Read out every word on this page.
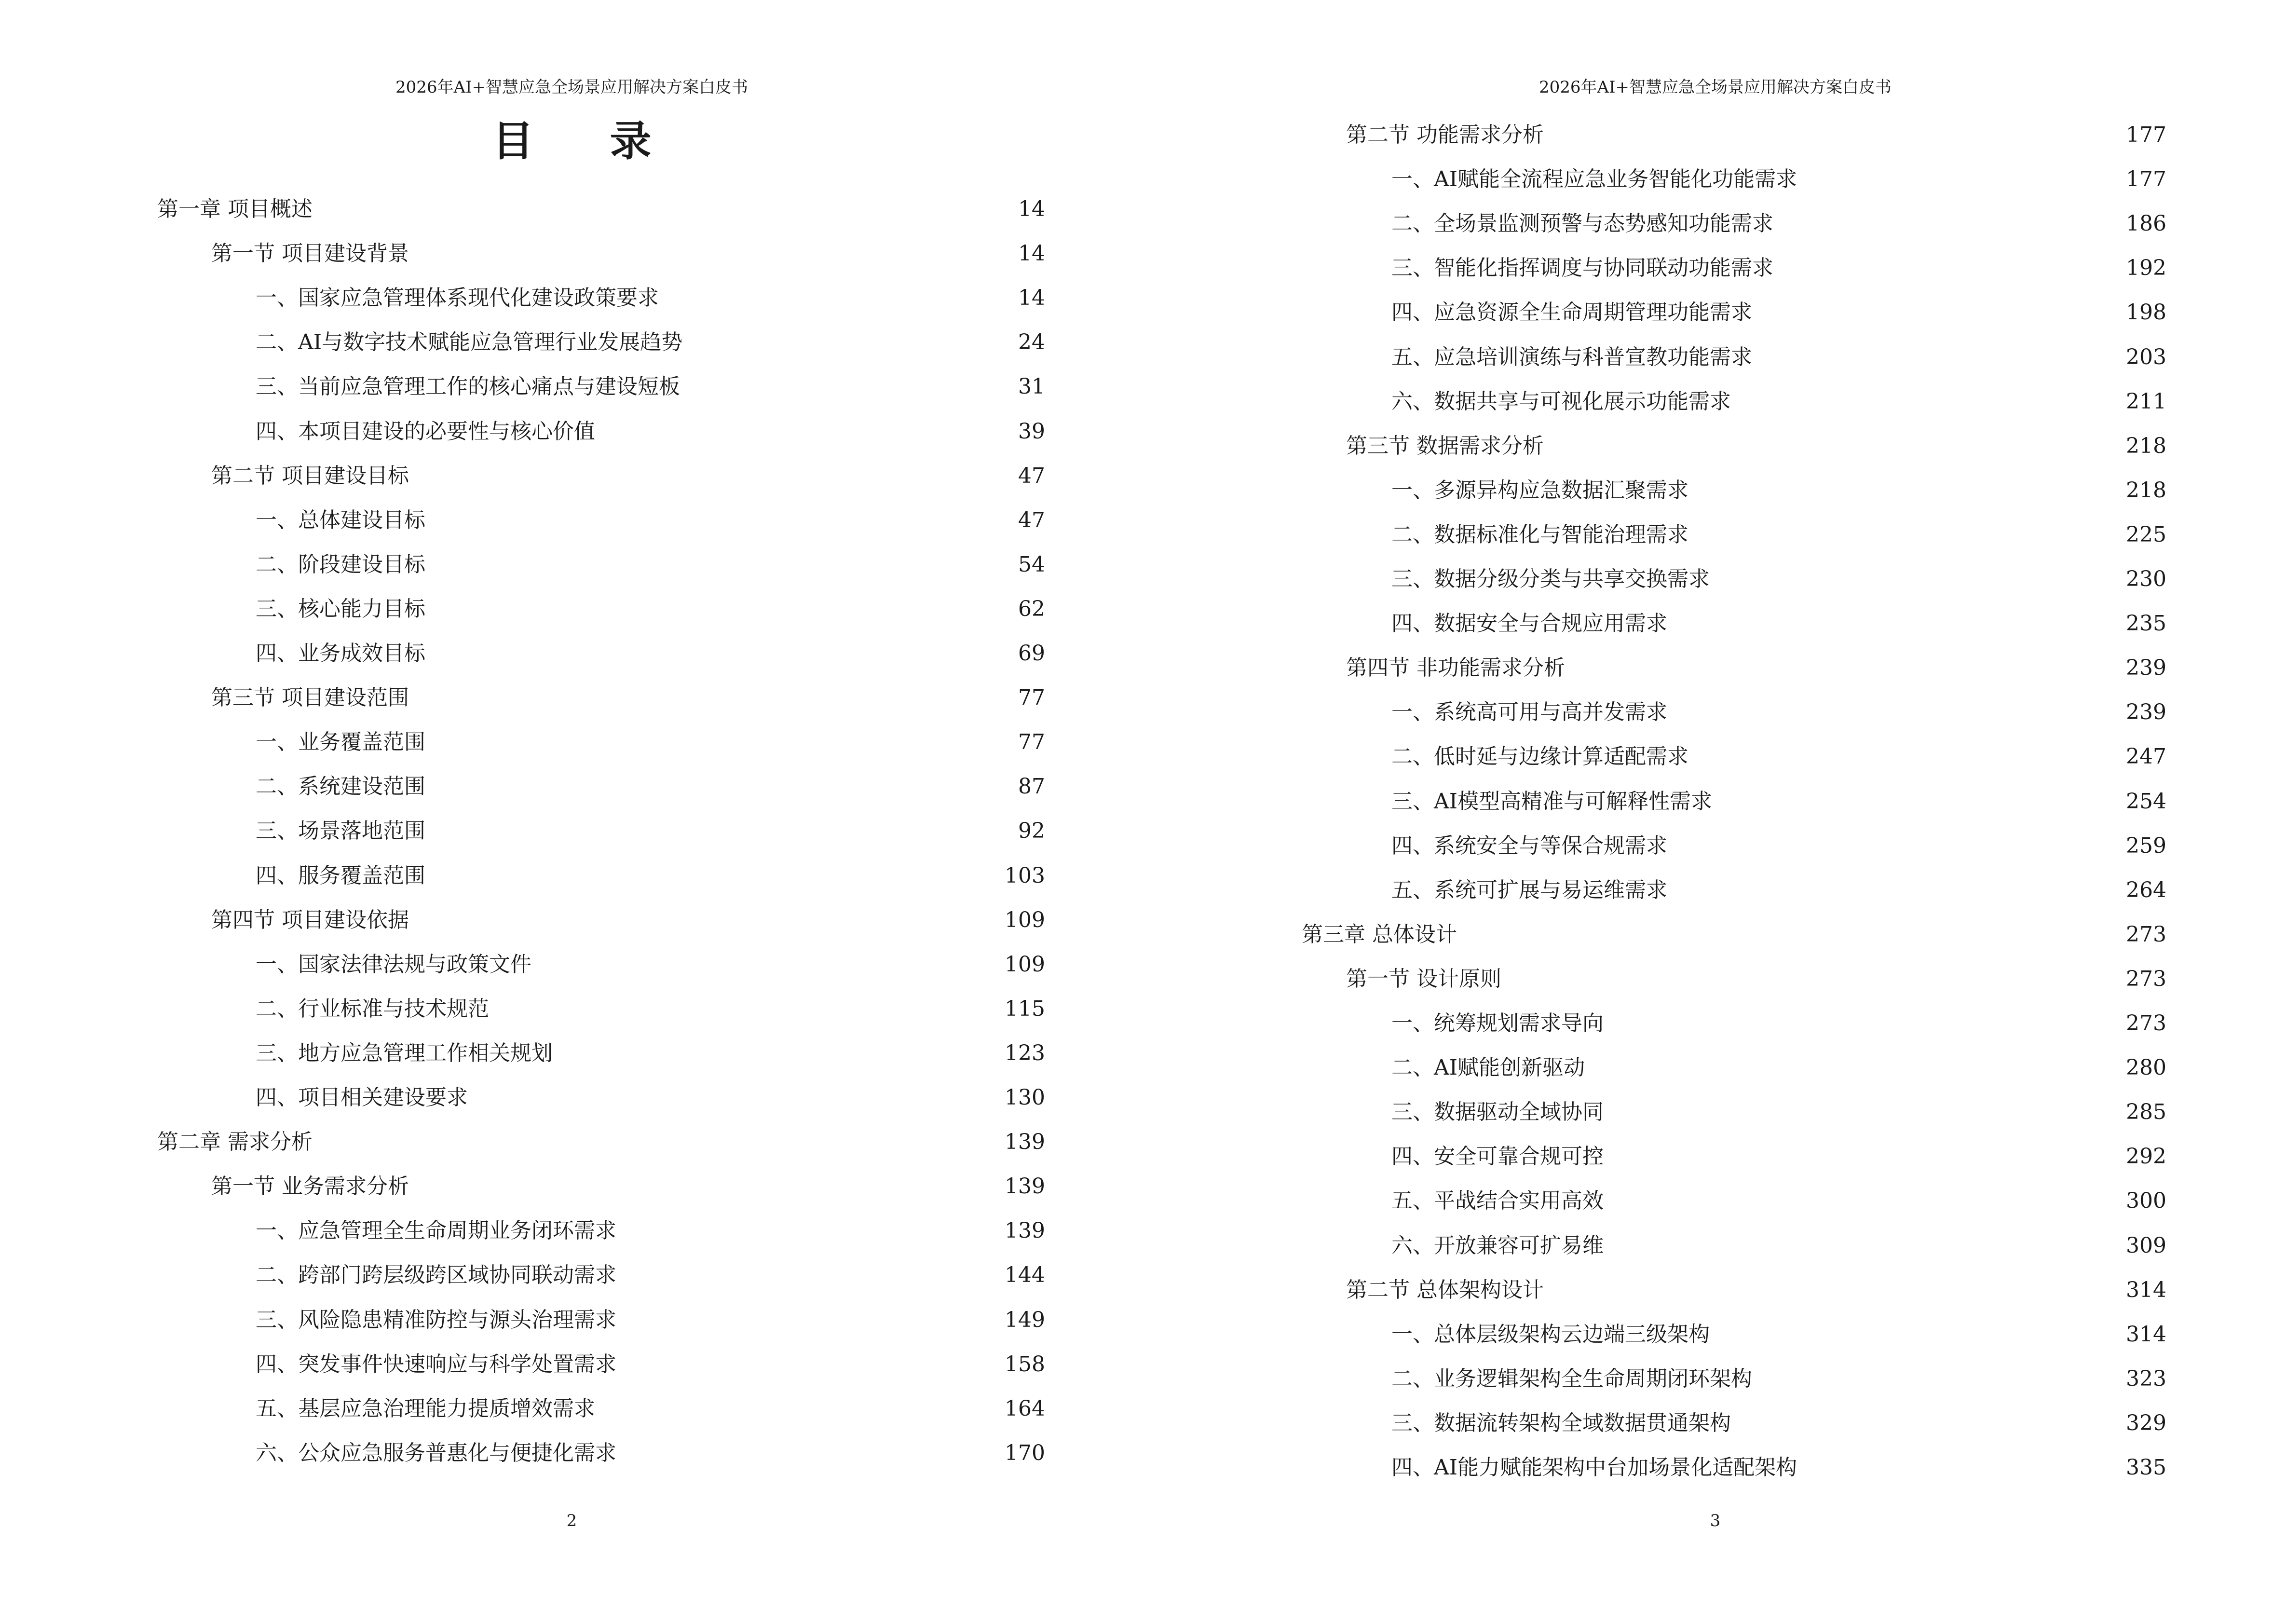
2026年AI+智慧应急全场景应用解决方案白皮书
目 录
第一章 项目概述	14
第一节 项目建设背景	14
一、国家应急管理体系现代化建设政策要求	14
二、AI与数字技术赋能应急管理行业发展趋势	24
三、当前应急管理工作的核心痛点与建设短板	31
四、本项目建设的必要性与核心价值	39
第二节 项目建设目标	47
一、总体建设目标	47
二、阶段建设目标	54
三、核心能力目标	62
四、业务成效目标	69
第三节 项目建设范围	77
一、业务覆盖范围	77
二、系统建设范围	87
三、场景落地范围	92
四、服务覆盖范围	103
第四节 项目建设依据	109
一、国家法律法规与政策文件	109
二、行业标准与技术规范	115
三、地方应急管理工作相关规划	123
四、项目相关建设要求	130
第二章 需求分析	139
第一节 业务需求分析	139
一、应急管理全生命周期业务闭环需求	139
二、跨部门跨层级跨区域协同联动需求	144
三、风险隐患精准防控与源头治理需求	149
四、突发事件快速响应与科学处置需求	158
五、基层应急治理能力提质增效需求	164
六、公众应急服务普惠化与便捷化需求	170
2
2026年AI+智慧应急全场景应用解决方案白皮书
第二节 功能需求分析	177
一、AI赋能全流程应急业务智能化功能需求	177
二、全场景监测预警与态势感知功能需求	186
三、智能化指挥调度与协同联动功能需求	192
四、应急资源全生命周期管理功能需求	198
五、应急培训演练与科普宣教功能需求	203
六、数据共享与可视化展示功能需求	211
第三节 数据需求分析	218
一、多源异构应急数据汇聚需求	218
二、数据标准化与智能治理需求	225
三、数据分级分类与共享交换需求	230
四、数据安全与合规应用需求	235
第四节 非功能需求分析	239
一、系统高可用与高并发需求	239
二、低时延与边缘计算适配需求	247
三、AI模型高精准与可解释性需求	254
四、系统安全与等保合规需求	259
五、系统可扩展与易运维需求	264
第三章 总体设计	273
第一节 设计原则	273
一、统筹规划需求导向	273
二、AI赋能创新驱动	280
三、数据驱动全域协同	285
四、安全可靠合规可控	292
五、平战结合实用高效	300
六、开放兼容可扩易维	309
第二节 总体架构设计	314
一、总体层级架构云边端三级架构	314
二、业务逻辑架构全生命周期闭环架构	323
三、数据流转架构全域数据贯通架构	329
四、AI能力赋能架构中台加场景化适配架构	335
3
